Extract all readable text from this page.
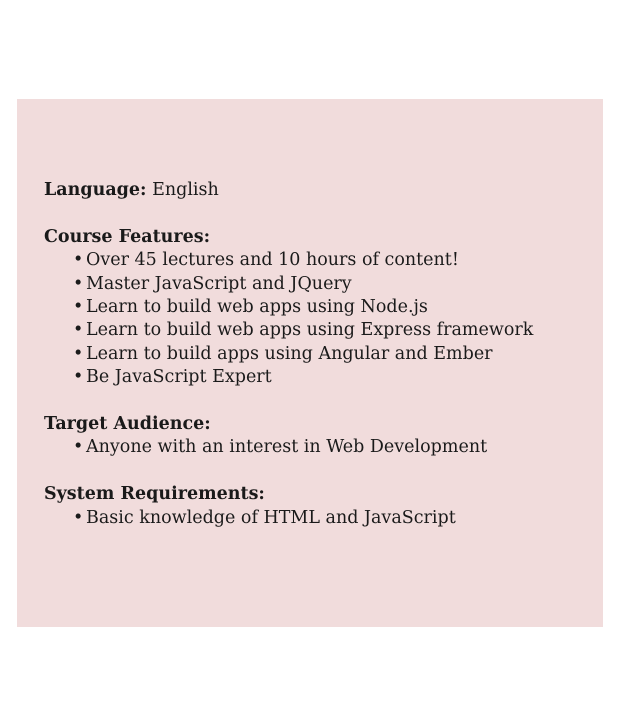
Language: English
Course Features:
• Over 45 lectures and 10 hours of content!
• Master JavaScript and JQuery
• Learn to build web apps using Node.js
• Learn to build web apps using Express framework
• Learn to build apps using Angular and Ember
• Be JavaScript Expert
Target Audience:
• Anyone with an interest in Web Development
System Requirements:
• Basic knowledge of HTML and JavaScript
